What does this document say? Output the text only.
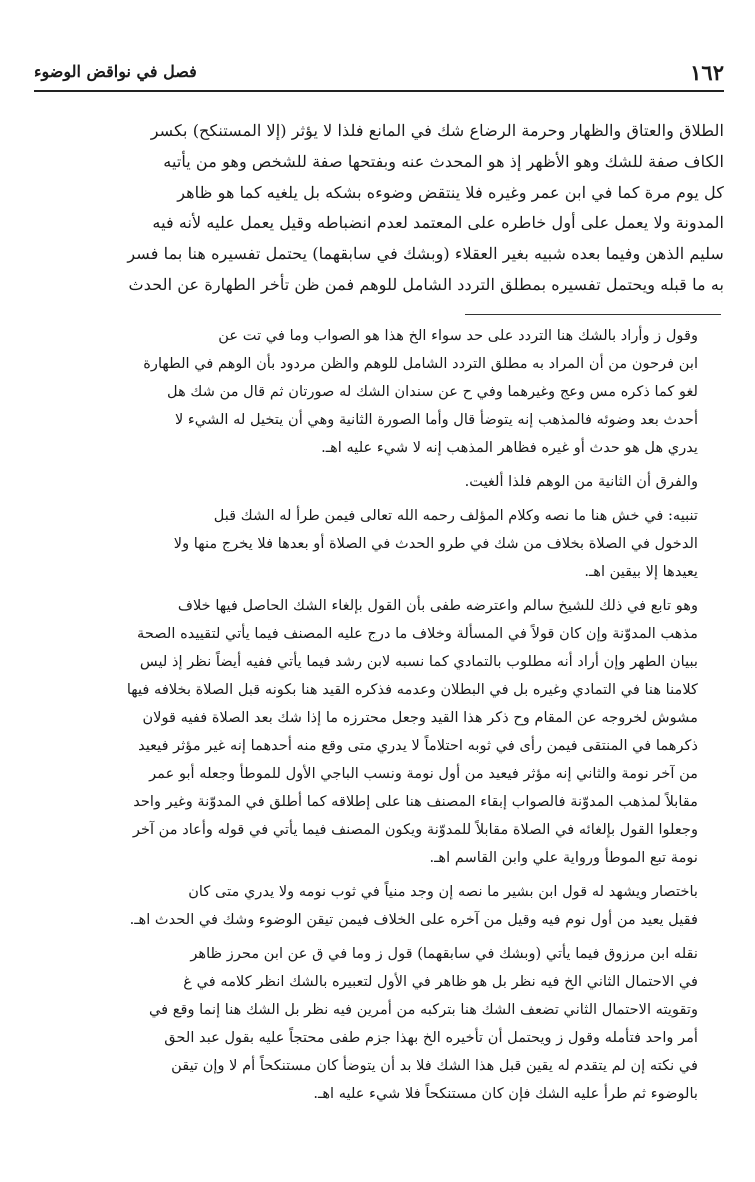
١٦٢
فصل في نواقض الوضوء
الطلاق والعتاق والظهار وحرمة الرضاع شك في المانع فلذا لا يؤثر (إلا المستنكح) بكسر
الكاف صفة للشك وهو الأظهر إذ هو المحدث عنه وبفتحها صفة للشخص وهو من يأتيه
كل يوم مرة كما في ابن عمر وغيره فلا ينتقض وضوءه بشكه بل يلغيه كما هو ظاهر
المدونة ولا يعمل على أول خاطره على المعتمد لعدم انضباطه وقيل يعمل عليه لأنه فيه
سليم الذهن وفيما بعده شبيه بغير العقلاء (وبشك في سابقهما) يحتمل تفسيره هنا بما فسر
به ما قبله ويحتمل تفسيره بمطلق التردد الشامل للوهم فمن ظن تأخر الطهارة عن الحدث
وقول ز وأراد بالشك هنا التردد على حد سواء الخ هذا هو الصواب وما في تت عن
ابن فرحون من أن المراد به مطلق التردد الشامل للوهم والظن مردود بأن الوهم في الطهارة
لغو كما ذكره مس وعج وغيرهما وفي ح عن سندان الشك له صورتان ثم قال من شك هل
أحدث بعد وضوئه فالمذهب إنه يتوضأ قال وأما الصورة الثانية وهي أن يتخيل له الشيء لا
يدري هل هو حدث أو غيره فظاهر المذهب إنه لا شيء عليه اهـ.
والفرق أن الثانية من الوهم فلذا ألغيت.
تنبيه: في خش هنا ما نصه وكلام المؤلف رحمه الله تعالى فيمن طرأ له الشك قبل
الدخول في الصلاة بخلاف من شك في طرو الحدث في الصلاة أو بعدها فلا يخرج منها ولا
يعيدها إلا بيقين اهـ.
وهو تابع في ذلك للشيخ سالم واعترضه طفى بأن القول بإلغاء الشك الحاصل فيها خلاف
مذهب المدوّنة وإن كان قولاً في المسألة وخلاف ما درج عليه المصنف فيما يأتي لتقييده الصحة
ببيان الطهر وإن أراد أنه مطلوب بالتمادي كما نسبه لابن رشد فيما يأتي ففيه أيضاً نظر إذ ليس
كلامنا هنا في التمادي وغيره بل في البطلان وعدمه فذكره القيد هنا بكونه قبل الصلاة بخلافه فيها
مشوش لخروجه عن المقام وح ذكر هذا القيد وجعل محترزه ما إذا شك بعد الصلاة ففيه قولان
ذكرهما في المنتقى فيمن رأى في ثوبه احتلاماً لا يدري متى وقع منه أحدهما إنه غير مؤثر فيعيد
من آخر نومة والثاني إنه مؤثر فيعيد من أول نومة ونسب الباجي الأول للموطأ وجعله أبو عمر
مقابلاً لمذهب المدوّنة فالصواب إبقاء المصنف هنا على إطلاقه كما أطلق في المدوّنة وغير واحد
وجعلوا القول بإلغائه في الصلاة مقابلاً للمدوّنة ويكون المصنف فيما يأتي في قوله وأعاد من آخر
نومة تبع الموطأ ورواية علي وابن القاسم اهـ.
باختصار ويشهد له قول ابن بشير ما نصه إن وجد منياً في ثوب نومه ولا يدري متى كان
فقيل يعيد من أول نوم فيه وقيل من آخره على الخلاف فيمن تيقن الوضوء وشك في الحدث اهـ.
نقله ابن مرزوق فيما يأتي (وبشك في سابقهما) قول ز وما في ق عن ابن محرز ظاهر
في الاحتمال الثاني الخ فيه نظر بل هو ظاهر في الأول لتعبيره بالشك انظر كلامه في غ
وتقويته الاحتمال الثاني تضعف الشك هنا بتركبه من أمرين فيه نظر بل الشك هنا إنما وقع في
أمر واحد فتأمله وقول ز ويحتمل أن تأخيره الخ بهذا جزم طفى محتجاً عليه بقول عبد الحق
في نكته إن لم يتقدم له يقين قبل هذا الشك فلا بد أن يتوضأ كان مستنكحاً أم لا وإن تيقن
بالوضوء ثم طرأ عليه الشك فإن كان مستنكحاً فلا شيء عليه اهـ.
